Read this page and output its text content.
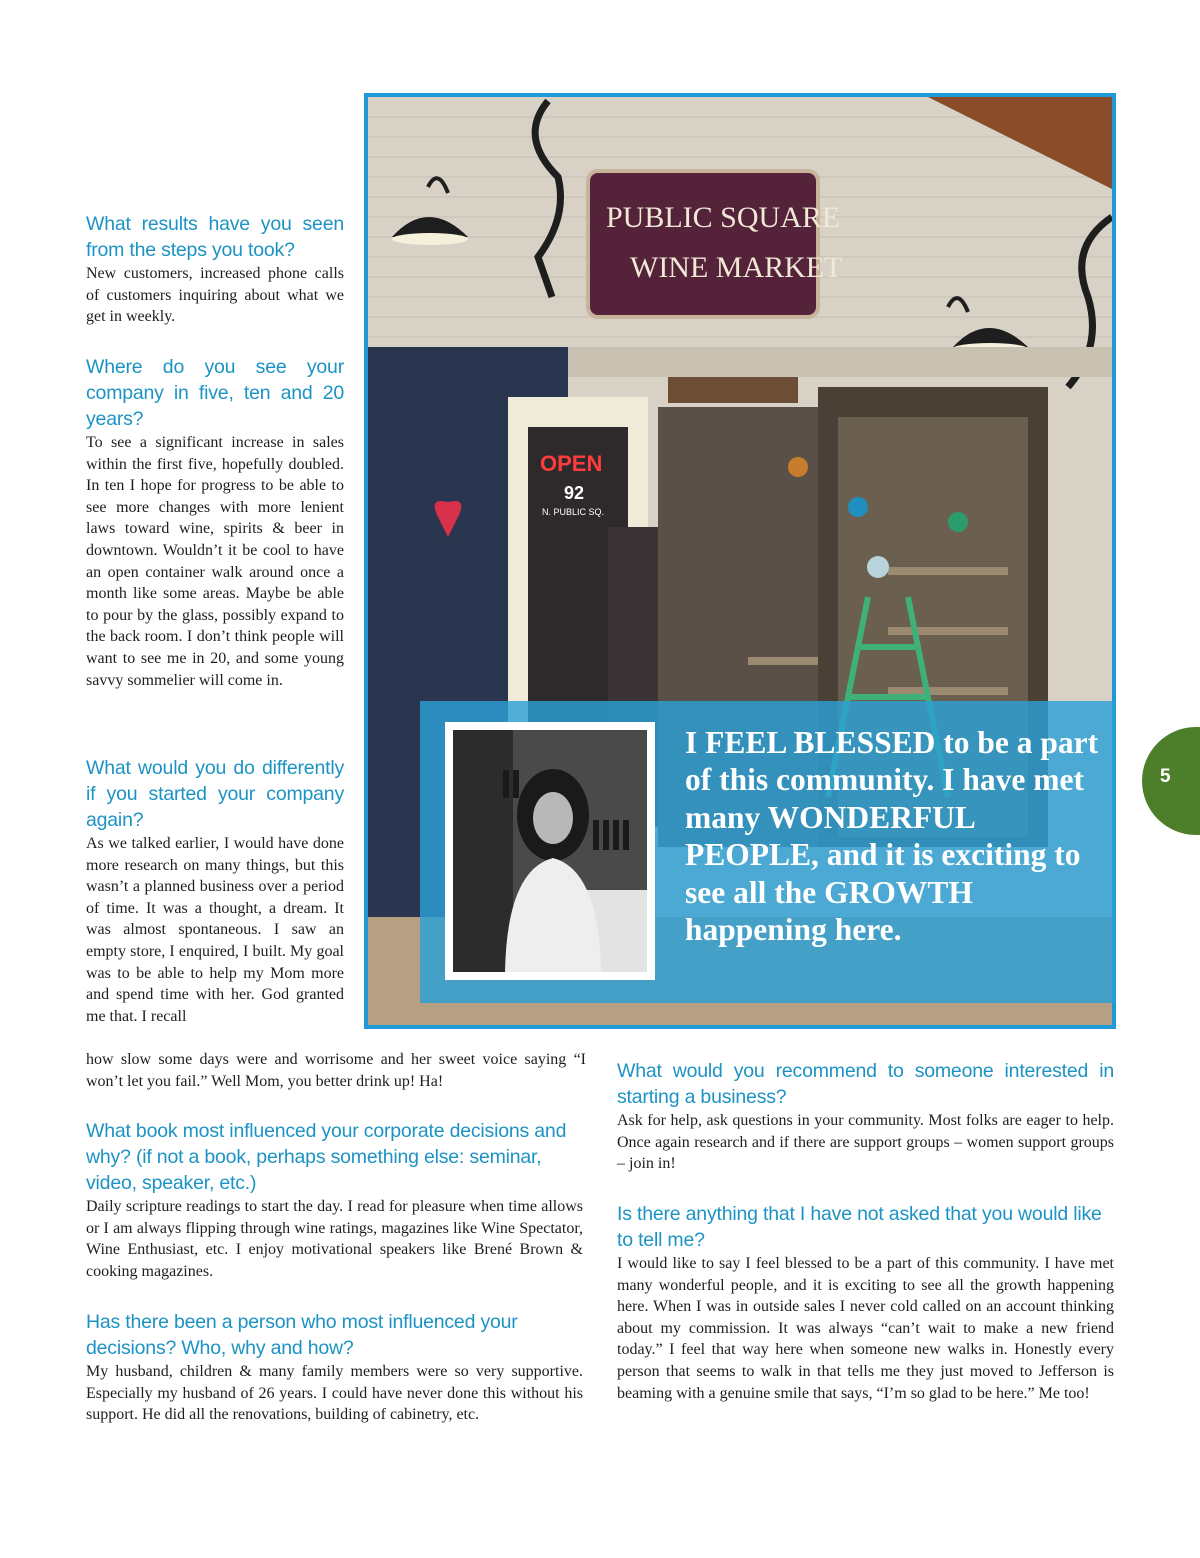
PUBLIC SQUARE
WINE MARKET
OPEN
92
N. PUBLIC SQ.

I FEEL BLESSED to be a part of this community. I have met many WONDERFUL PEOPLE, and it is exciting to see all the GROWTH happening here.

5
What results have you seen from the steps you took?

New customers, increased phone calls of customers inquiring about what we get in weekly.

Where do you see your company in five, ten and 20 years?

To see a significant increase in sales within the first five, hopefully doubled. In ten I hope for progress to be able to see more changes with more lenient laws toward wine, spirits & beer in downtown. Wouldn’t it be cool to have an open container walk around once a month like some areas. Maybe be able to pour by the glass, possibly expand to the back room. I don’t think people will want to see me in 20, and some young savvy sommelier will come in.

What would you do differently if you started your company again?

As we talked earlier, I would have done more research on many things, but this wasn’t a planned business over a period of time. It was a thought, a dream. It was almost spontaneous. I saw an empty store, I enquired, I built. My goal was to be able to help my Mom more and spend time with her. God granted me that. I recall

how slow some days were and worrisome and her sweet voice saying “I won’t let you fail.” Well Mom, you better drink up! Ha!

What book most influenced your corporate decisions and why? (if not a book, perhaps something else: seminar, video, speaker, etc.)

Daily scripture readings to start the day. I read for pleasure when time allows or I am always flipping through wine ratings, magazines like Wine Spectator, Wine Enthusiast, etc. I enjoy motivational speakers like Brené Brown & cooking magazines.

Has there been a person who most influenced your decisions? Who, why and how?

My husband, children & many family members were so very supportive. Especially my husband of 26 years. I could have never done this without his support. He did all the renovations, building of cabinetry, etc.

What would you recommend to someone interested in starting a business?

Ask for help, ask questions in your community. Most folks are eager to help. Once again research and if there are support groups – women support groups – join in!

Is there anything that I have not asked that you would like to tell me?

I would like to say I feel blessed to be a part of this community. I have met many wonderful people, and it is exciting to see all the growth happening here. When I was in outside sales I never cold called on an account thinking about my commission. It was always “can’t wait to make a new friend today.” I feel that way here when someone new walks in. Honestly every person that seems to walk in that tells me they just moved to Jefferson is beaming with a genuine smile that says, “I’m so glad to be here.” Me too!
